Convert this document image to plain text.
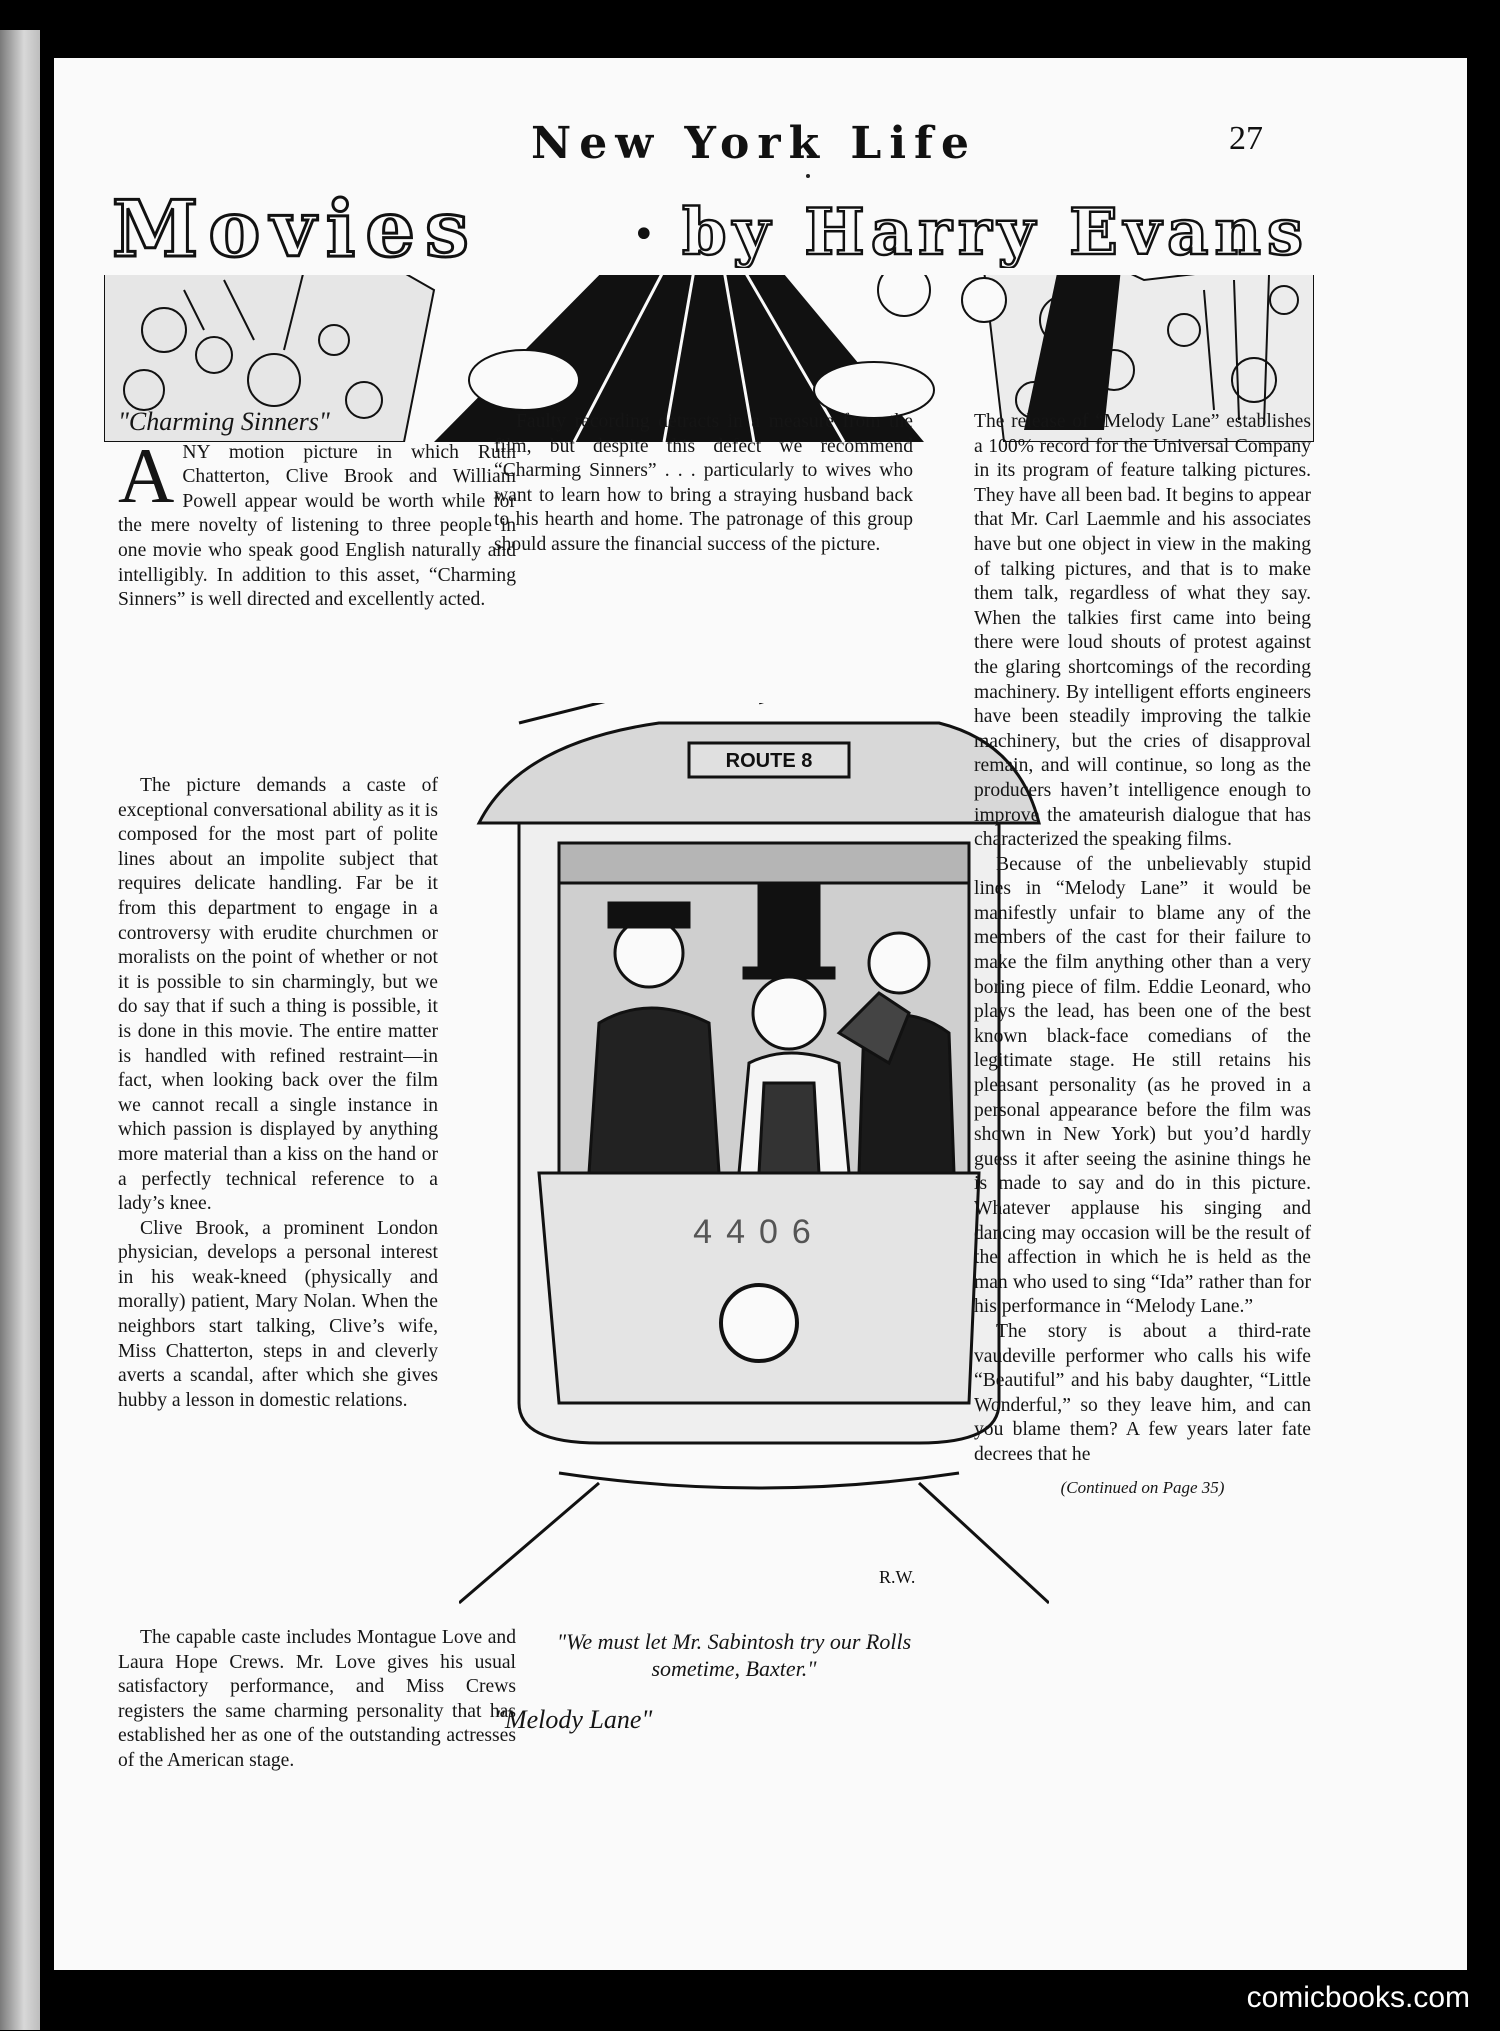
New York Life	27
Movies	• by Harry Evans
"Charming Sinners"

A NY motion picture in which Ruth Chatterton, Clive Brook and William Powell appear would be worth while for the mere novelty of listening to three people in one movie who speak good English naturally and intelligibly. In addition to this asset, “Charming Sinners” is well directed and excellently acted.

The picture demands a caste of exceptional conversational ability as it is composed for the most part of polite lines about an impolite subject that requires delicate handling. Far be it from this department to engage in a controversy with erudite churchmen or moralists on the point of whether or not it is possible to sin charmingly, but we do say that if such a thing is possible, it is done in this movie. The entire matter is handled with refined restraint—in fact, when looking back over the film we cannot recall a single instance in which passion is displayed by anything more material than a kiss on the hand or a perfectly technical reference to a lady’s knee.

Clive Brook, a prominent London physician, develops a personal interest in his weak-kneed (physically and morally) patient, Mary Nolan. When the neighbors start talking, Clive’s wife, Miss Chatterton, steps in and cleverly averts a scandal, after which she gives hubby a lesson in domestic relations.

The capable caste includes Montague Love and Laura Hope Crews. Mr. Love gives his usual satisfactory performance, and Miss Crews registers the same charming personality that has established her as one of the outstanding actresses of the American stage.

Faulty recording detracts in a measure from the film, but despite this defect we recommend “Charming Sinners” . . . particularly to wives who want to learn how to bring a straying husband back to his hearth and home. The patronage of this group should assure the financial success of the picture.

ROUTE 8
4406
R.W.
"We must let Mr. Sabintosh try our Rolls sometime, Baxter."
"Melody Lane"

The release of “Melody Lane” establishes a 100% record for the Universal Company in its program of feature talking pictures. They have all been bad. It begins to appear that Mr. Carl Laemmle and his associates have but one object in view in the making of talking pictures, and that is to make them talk, regardless of what they say. When the talkies first came into being there were loud shouts of protest against the glaring shortcomings of the recording machinery. By intelligent efforts engineers have been steadily improving the talkie machinery, but the cries of disapproval remain, and will continue, so long as the producers haven’t intelligence enough to improve the amateurish dialogue that has characterized the speaking films.

Because of the unbelievably stupid lines in “Melody Lane” it would be manifestly unfair to blame any of the members of the cast for their failure to make the film anything other than a very boring piece of film. Eddie Leonard, who plays the lead, has been one of the best known black-face comedians of the legitimate stage. He still retains his pleasant personality (as he proved in a personal appearance before the film was shown in New York) but you’d hardly guess it after seeing the asinine things he is made to say and do in this picture. Whatever applause his singing and dancing may occasion will be the result of the affection in which he is held as the man who used to sing “Ida” rather than for his performance in “Melody Lane.”

The story is about a third-rate vaudeville performer who calls his wife “Beautiful” and his baby daughter, “Little Wonderful,” so they leave him, and can you blame them? A few years later fate decrees that he

(Continued on Page 35)
comicbooks.com
